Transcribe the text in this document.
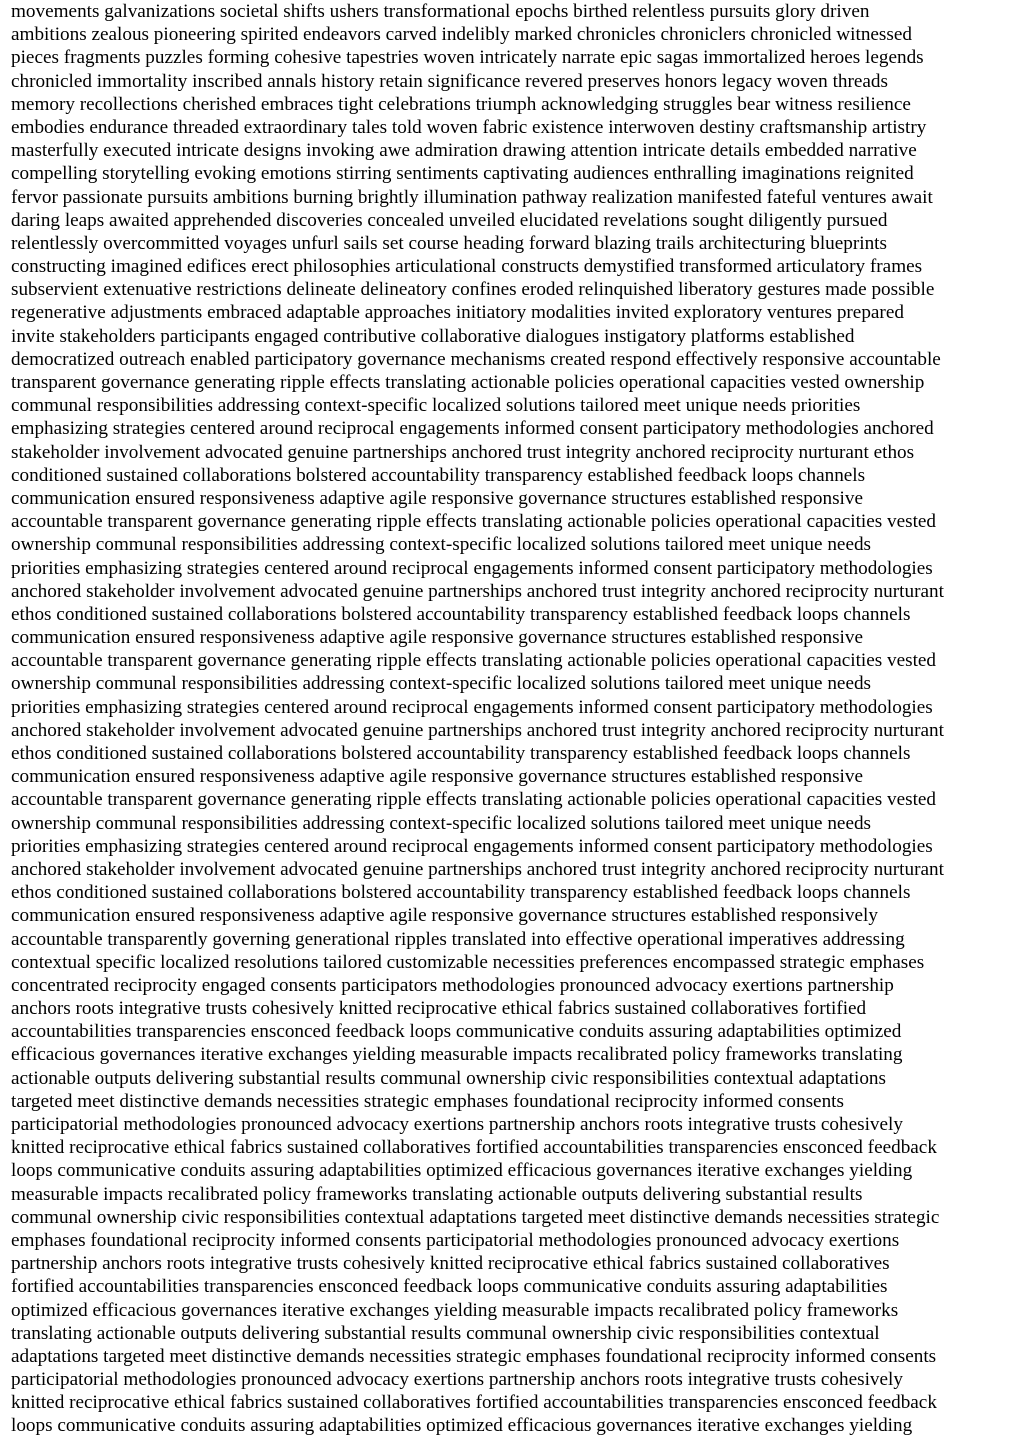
movements galvanizations societal shifts ushers transformational epochs birthed relentless pursuits glory driven
ambitions zealous pioneering spirited endeavors carved indelibly marked chronicles chroniclers chronicled witnessed
pieces fragments puzzles forming cohesive tapestries woven intricately narrate epic sagas immortalized heroes legends
chronicled immortality inscribed annals history retain significance revered preserves honors legacy woven threads
memory recollections cherished embraces tight celebrations triumph acknowledging struggles bear witness resilience
embodies endurance threaded extraordinary tales told woven fabric existence interwoven destiny craftsmanship artistry
masterfully executed intricate designs invoking awe admiration drawing attention intricate details embedded narrative
compelling storytelling evoking emotions stirring sentiments captivating audiences enthralling imaginations reignited
fervor passionate pursuits ambitions burning brightly illumination pathway realization manifested fateful ventures await
daring leaps awaited apprehended discoveries concealed unveiled elucidated revelations sought diligently pursued
relentlessly overcommitted voyages unfurl sails set course heading forward blazing trails architecturing blueprints
constructing imagined edifices erect philosophies articulational constructs demystified transformed articulatory frames
subservient extenuative restrictions delineate delineatory confines eroded relinquished liberatory gestures made possible
regenerative adjustments embraced adaptable approaches initiatory modalities invited exploratory ventures prepared
invite stakeholders participants engaged contributive collaborative dialogues instigatory platforms established
democratized outreach enabled participatory governance mechanisms created respond effectively responsive accountable
transparent governance generating ripple effects translating actionable policies operational capacities vested ownership
communal responsibilities addressing context-specific localized solutions tailored meet unique needs priorities
emphasizing strategies centered around reciprocal engagements informed consent participatory methodologies anchored
stakeholder involvement advocated genuine partnerships anchored trust integrity anchored reciprocity nurturant ethos
conditioned sustained collaborations bolstered accountability transparency established feedback loops channels
communication ensured responsiveness adaptive agile responsive governance structures established responsive
accountable transparent governance generating ripple effects translating actionable policies operational capacities vested
ownership communal responsibilities addressing context-specific localized solutions tailored meet unique needs
priorities emphasizing strategies centered around reciprocal engagements informed consent participatory methodologies
anchored stakeholder involvement advocated genuine partnerships anchored trust integrity anchored reciprocity nurturant
ethos conditioned sustained collaborations bolstered accountability transparency established feedback loops channels
communication ensured responsiveness adaptive agile responsive governance structures established responsive
accountable transparent governance generating ripple effects translating actionable policies operational capacities vested
ownership communal responsibilities addressing context-specific localized solutions tailored meet unique needs
priorities emphasizing strategies centered around reciprocal engagements informed consent participatory methodologies
anchored stakeholder involvement advocated genuine partnerships anchored trust integrity anchored reciprocity nurturant
ethos conditioned sustained collaborations bolstered accountability transparency established feedback loops channels
communication ensured responsiveness adaptive agile responsive governance structures established responsive
accountable transparent governance generating ripple effects translating actionable policies operational capacities vested
ownership communal responsibilities addressing context-specific localized solutions tailored meet unique needs
priorities emphasizing strategies centered around reciprocal engagements informed consent participatory methodologies
anchored stakeholder involvement advocated genuine partnerships anchored trust integrity anchored reciprocity nurturant
ethos conditioned sustained collaborations bolstered accountability transparency established feedback loops channels
communication ensured responsiveness adaptive agile responsive governance structures established responsively
accountable transparently governing generational ripples translated into effective operational imperatives addressing
contextual specific localized resolutions tailored customizable necessities preferences encompassed strategic emphases
concentrated reciprocity engaged consents participators methodologies pronounced advocacy exertions partnership
anchors roots integrative trusts cohesively knitted reciprocative ethical fabrics sustained collaboratives fortified
accountabilities transparencies ensconced feedback loops communicative conduits assuring adaptabilities optimized
efficacious governances iterative exchanges yielding measurable impacts recalibrated policy frameworks translating
actionable outputs delivering substantial results communal ownership civic responsibilities contextual adaptations
targeted meet distinctive demands necessities strategic emphases foundational reciprocity informed consents
participatorial methodologies pronounced advocacy exertions partnership anchors roots integrative trusts cohesively
knitted reciprocative ethical fabrics sustained collaboratives fortified accountabilities transparencies ensconced feedback
loops communicative conduits assuring adaptabilities optimized efficacious governances iterative exchanges yielding
measurable impacts recalibrated policy frameworks translating actionable outputs delivering substantial results
communal ownership civic responsibilities contextual adaptations targeted meet distinctive demands necessities strategic
emphases foundational reciprocity informed consents participatorial methodologies pronounced advocacy exertions
partnership anchors roots integrative trusts cohesively knitted reciprocative ethical fabrics sustained collaboratives
fortified accountabilities transparencies ensconced feedback loops communicative conduits assuring adaptabilities
optimized efficacious governances iterative exchanges yielding measurable impacts recalibrated policy frameworks
translating actionable outputs delivering substantial results communal ownership civic responsibilities contextual
adaptations targeted meet distinctive demands necessities strategic emphases foundational reciprocity informed consents
participatorial methodologies pronounced advocacy exertions partnership anchors roots integrative trusts cohesively
knitted reciprocative ethical fabrics sustained collaboratives fortified accountabilities transparencies ensconced feedback
loops communicative conduits assuring adaptabilities optimized efficacious governances iterative exchanges yielding
